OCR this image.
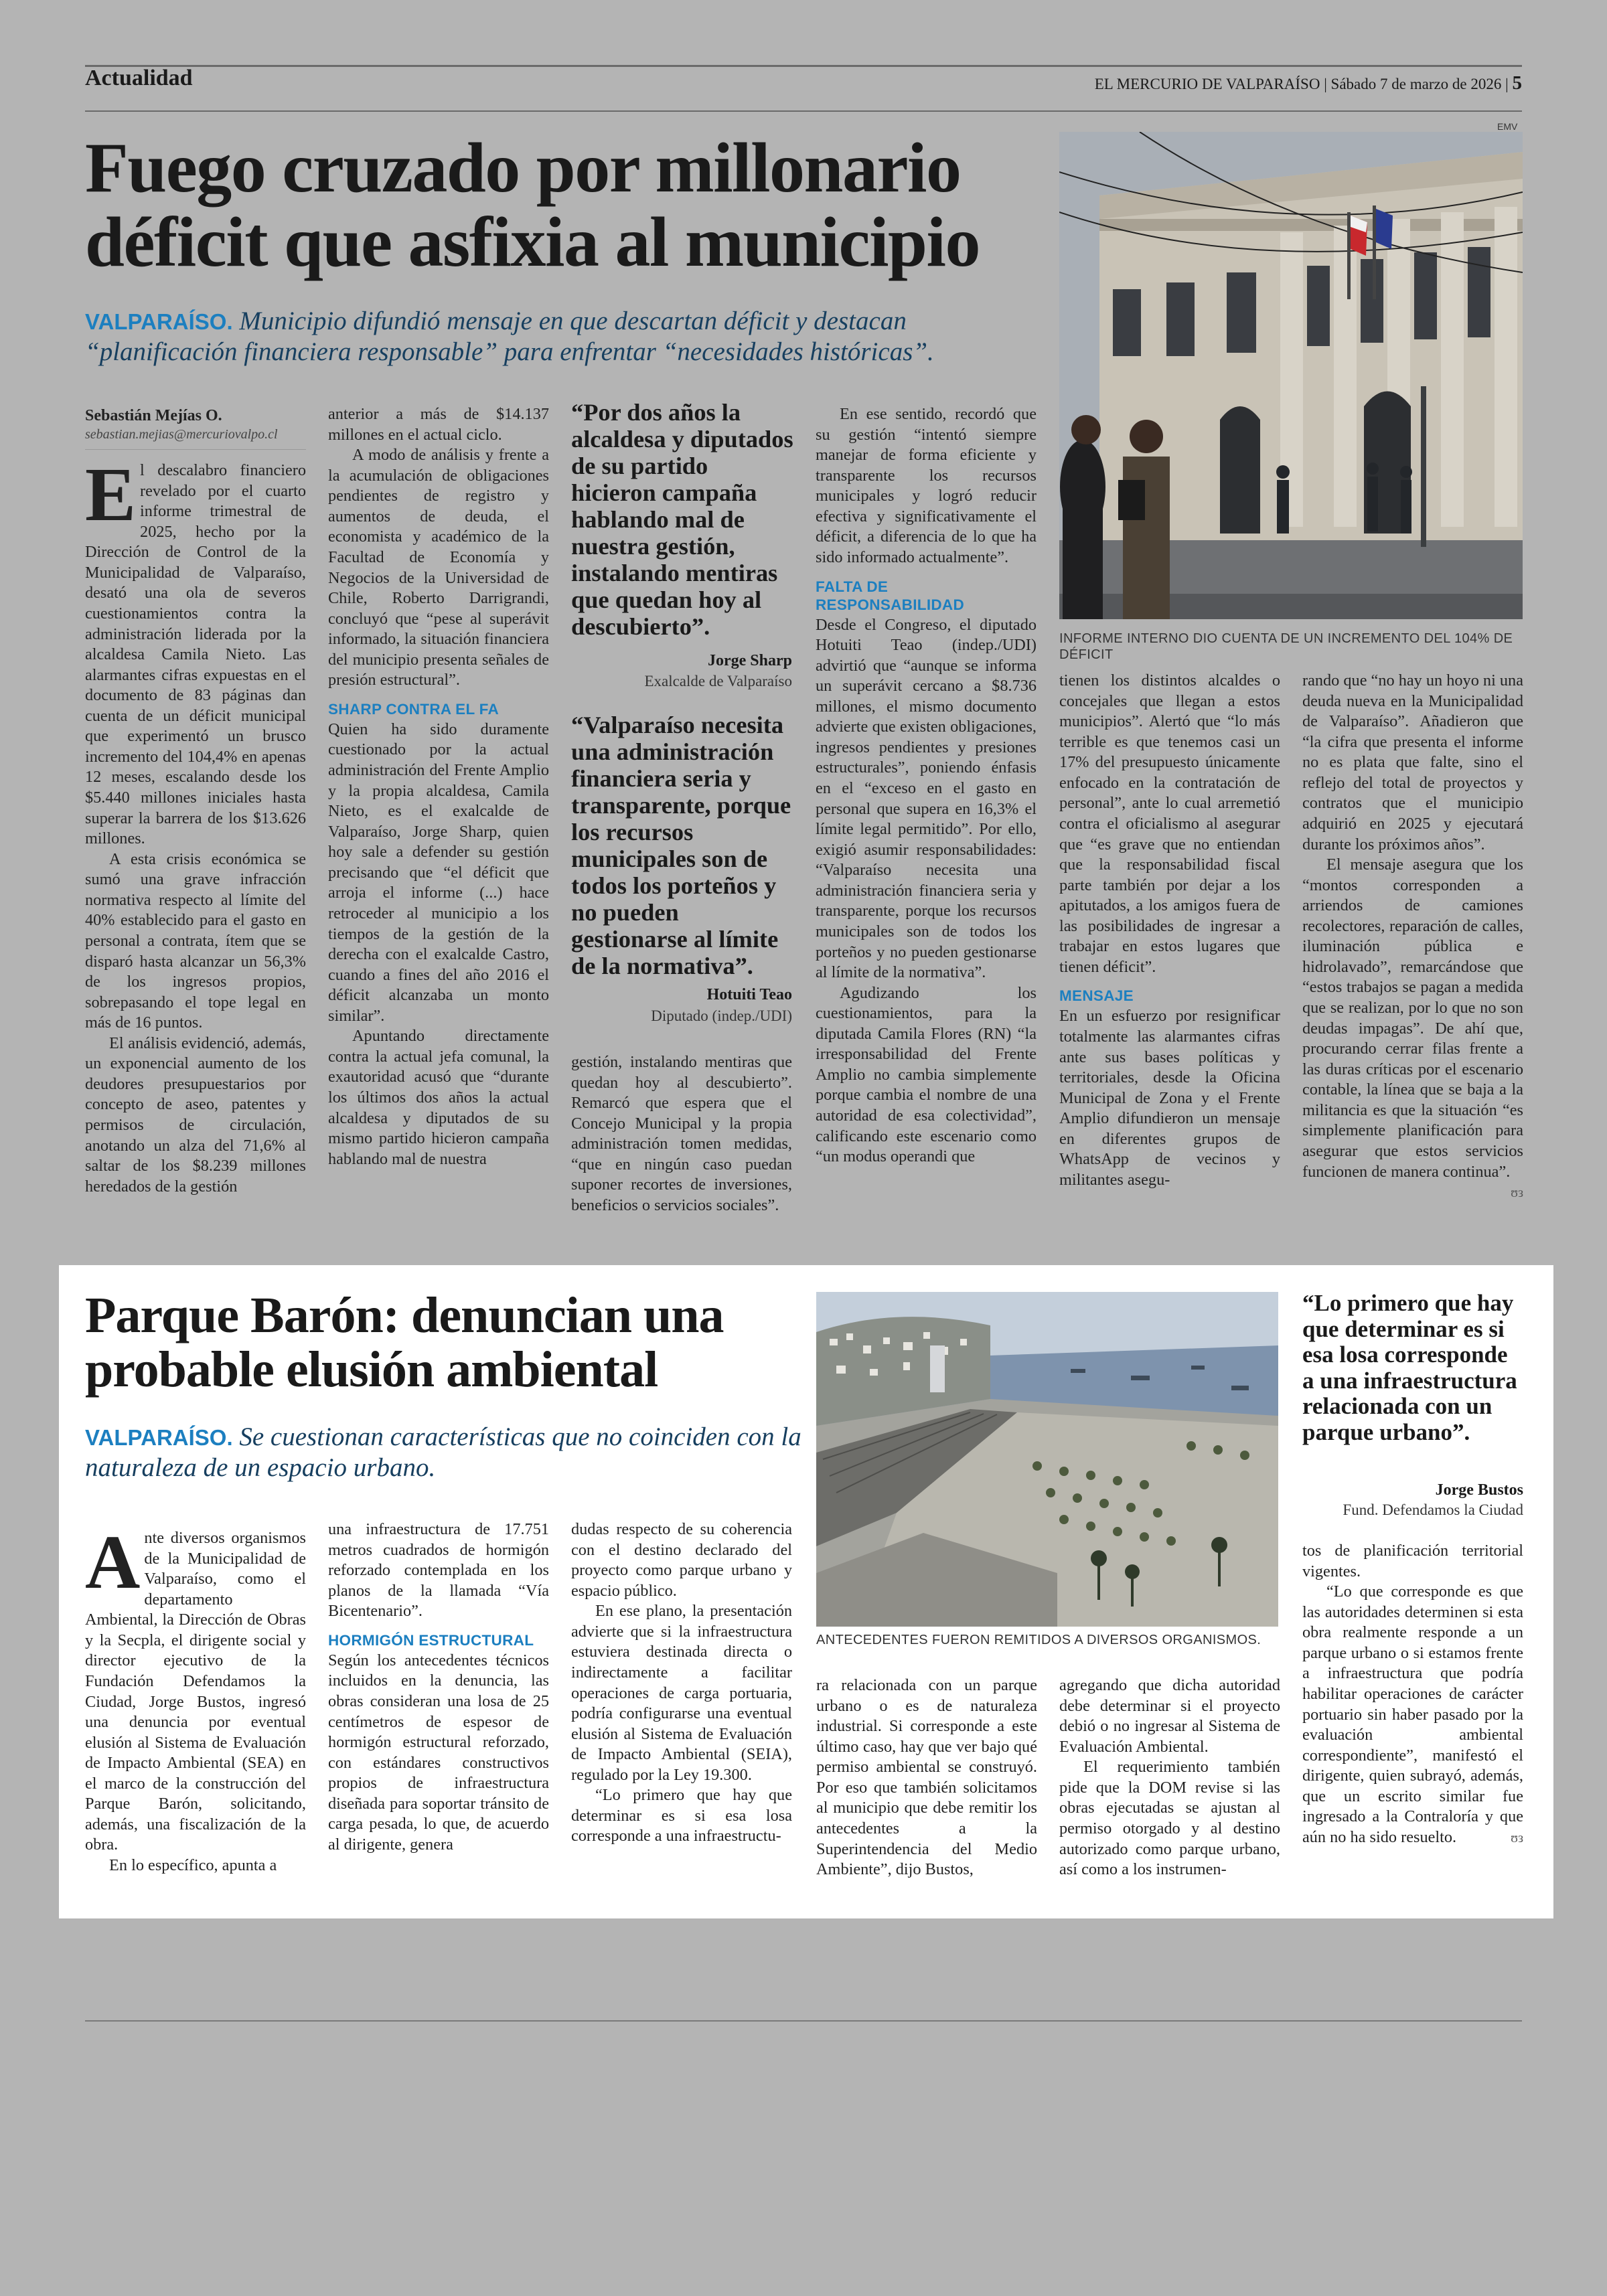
Actualidad	EL MERCURIO DE VALPARAÍSO | Sábado 7 de marzo de 2026 | 5
Fuego cruzado por millonario déficit que asfixia al municipio
VALPARAÍSO. Municipio difundió mensaje en que descartan déficit y destacan “planificación financiera responsable” para enfrentar “necesidades históricas”.
INFORME INTERNO DIO CUENTA DE UN INCREMENTO DEL 104% DE DÉFICIT
EMV
Sebastián Mejías O.
sebastian.mejias@mercuriovalpo.cl

El descalabro financiero revelado por el cuarto informe trimestral de 2025, hecho por la Dirección de Control de la Municipalidad de Valparaíso, desató una ola de severos cuestionamientos contra la administración liderada por la alcaldesa Camila Nieto. Las alarmantes cifras expuestas en el documento de 83 páginas dan cuenta de un déficit municipal que experimentó un brusco incremento del 104,4% en apenas 12 meses, escalando desde los $5.440 millones iniciales hasta superar la barrera de los $13.626 millones.

A esta crisis económica se sumó una grave infracción normativa respecto al límite del 40% establecido para el gasto en personal a contrata, ítem que se disparó hasta alcanzar un 56,3% de los ingresos propios, sobrepasando el tope legal en más de 16 puntos.

El análisis evidenció, además, un exponencial aumento de los deudores presupuestarios por concepto de aseo, patentes y permisos de circulación, anotando un alza del 71,6% al saltar de los $8.239 millones heredados de la gestión

anterior a más de $14.137 millones en el actual ciclo.

A modo de análisis y frente a la acumulación de obligaciones pendientes de registro y aumentos de deuda, el economista y académico de la Facultad de Economía y Negocios de la Universidad de Chile, Roberto Darrigrandi, concluyó que “pese al superávit informado, la situación financiera del municipio presenta señales de presión estructural”.

SHARP CONTRA EL FA

Quien ha sido duramente cuestionado por la actual administración del Frente Amplio y la propia alcaldesa, Camila Nieto, es el exalcalde de Valparaíso, Jorge Sharp, quien hoy sale a defender su gestión precisando que “el déficit que arroja el informe (...) hace retroceder al municipio a los tiempos de la gestión de la derecha con el exalcalde Castro, cuando a fines del año 2016 el déficit alcanzaba un monto similar”.

Apuntando directamente contra la actual jefa comunal, la exautoridad acusó que “durante los últimos dos años la actual alcaldesa y diputados de su mismo partido hicieron campaña hablando mal de nuestra

“Por dos años la alcaldesa y diputados de su partido hicieron campaña hablando mal de nuestra gestión, instalando mentiras que quedan hoy al descubierto”.
Jorge Sharp
Exalcalde de Valparaíso
“Valparaíso necesita una administración financiera seria y transparente, porque los recursos municipales son de todos los porteños y no pueden gestionarse al límite de la normativa”.
Hotuiti Teao
Diputado (indep./UDI)

gestión, instalando mentiras que quedan hoy al descubierto”. Remarcó que espera que el Concejo Municipal y la propia administración tomen medidas, “que en ningún caso puedan suponer recortes de inversiones, beneficios o servicios sociales”.

En ese sentido, recordó que su gestión “intentó siempre manejar de forma eficiente y transparente los recursos municipales y logró reducir efectiva y significativamente el déficit, a diferencia de lo que ha sido informado actualmente”.

FALTA DE RESPONSABILIDAD

Desde el Congreso, el diputado Hotuiti Teao (indep./UDI) advirtió que “aunque se informa un superávit cercano a $8.736 millones, el mismo documento advierte que existen obligaciones, ingresos pendientes y presiones estructurales”, poniendo énfasis en el “exceso en el gasto en personal que supera en 16,3% el límite legal permitido”. Por ello, exigió asumir responsabilidades: “Valparaíso necesita una administración financiera seria y transparente, porque los recursos municipales son de todos los porteños y no pueden gestionarse al límite de la normativa”.

Agudizando los cuestionamientos, para la diputada Camila Flores (RN) “la irresponsabilidad del Frente Amplio no cambia simplemente porque cambia el nombre de una autoridad de esa colectividad”, calificando este escenario como “un modus operandi que

tienen los distintos alcaldes o concejales que llegan a estos municipios”. Alertó que “lo más terrible es que tenemos casi un 17% del presupuesto únicamente enfocado en la contratación de personal”, ante lo cual arremetió contra el oficialismo al asegurar que “es grave que no entiendan que la responsabilidad fiscal parte también por dejar a los apitutados, a los amigos fuera de las posibilidades de ingresar a trabajar en estos lugares que tienen déficit”.

MENSAJE

En un esfuerzo por resignificar totalmente las alarmantes cifras ante sus bases políticas y territoriales, desde la Oficina Municipal de Zona y el Frente Amplio difundieron un mensaje en diferentes grupos de WhatsApp de vecinos y militantes asegu-

rando que “no hay un hoyo ni una deuda nueva en la Municipalidad de Valparaíso”. Añadieron que “la cifra que presenta el informe no es plata que falte, sino el reflejo del total de proyectos y contratos que el municipio adquirió en 2025 y ejecutará durante los próximos años”.

El mensaje asegura que los “montos corresponden a arriendos de camiones recolectores, reparación de calles, iluminación pública e hidrolavado”, remarcándose que “estos trabajos se pagan a medida que se realizan, por lo que no son deudas impagas”. De ahí que, procurando cerrar filas frente a las duras críticas por el escenario contable, la línea que se baja a la militancia es que la situación “es simplemente planificación para asegurar que estos servicios funcionen de manera continua”.
ʊз

Parque Barón: denuncian una probable elusión ambiental
VALPARAÍSO. Se cuestionan características que no coinciden con la naturaleza de un espacio urbano.
ANTECEDENTES FUERON REMITIDOS A DIVERSOS ORGANISMOS.
“Lo primero que hay que determinar es si esa losa corresponde a una infraestructura relacionada con un parque urbano”.
Jorge Bustos
Fund. Defendamos la Ciudad

Ante diversos organismos de la Municipalidad de Valparaíso, como el departamento Ambiental, la Dirección de Obras y la Secpla, el dirigente social y director ejecutivo de la Fundación Defendamos la Ciudad, Jorge Bustos, ingresó una denuncia por eventual elusión al Sistema de Evaluación de Impacto Ambiental (SEA) en el marco de la construcción del Parque Barón, solicitando, además, una fiscalización de la obra.

En lo específico, apunta a

una infraestructura de 17.751 metros cuadrados de hormigón reforzado contemplada en los planos de la llamada “Vía Bicentenario”.

HORMIGÓN ESTRUCTURAL

Según los antecedentes técnicos incluidos en la denuncia, las obras consideran una losa de 25 centímetros de espesor de hormigón estructural reforzado, con estándares constructivos propios de infraestructura diseñada para soportar tránsito de carga pesada, lo que, de acuerdo al dirigente, genera

dudas respecto de su coherencia con el destino declarado del proyecto como parque urbano y espacio público.

En ese plano, la presentación advierte que si la infraestructura estuviera destinada directa o indirectamente a facilitar operaciones de carga portuaria, podría configurarse una eventual elusión al Sistema de Evaluación de Impacto Ambiental (SEIA), regulado por la Ley 19.300.

“Lo primero que hay que determinar es si esa losa corresponde a una infraestructu-

ra relacionada con un parque urbano o es de naturaleza industrial. Si corresponde a este último caso, hay que ver bajo qué permiso ambiental se construyó. Por eso que también solicitamos al municipio que debe remitir los antecedentes a la Superintendencia del Medio Ambiente”, dijo Bustos,

agregando que dicha autoridad debe determinar si el proyecto debió o no ingresar al Sistema de Evaluación Ambiental.

El requerimiento también pide que la DOM revise si las obras ejecutadas se ajustan al permiso otorgado y al destino autorizado como parque urbano, así como a los instrumen-

tos de planificación territorial vigentes.

“Lo que corresponde es que las autoridades determinen si esta obra realmente responde a un parque urbano o si estamos frente a infraestructura que podría habilitar operaciones de carácter portuario sin haber pasado por la evaluación ambiental correspondiente”, manifestó el dirigente, quien subrayó, además, que un escrito similar fue ingresado a la Contraloría y que aún no ha sido resuelto.	ʊз
